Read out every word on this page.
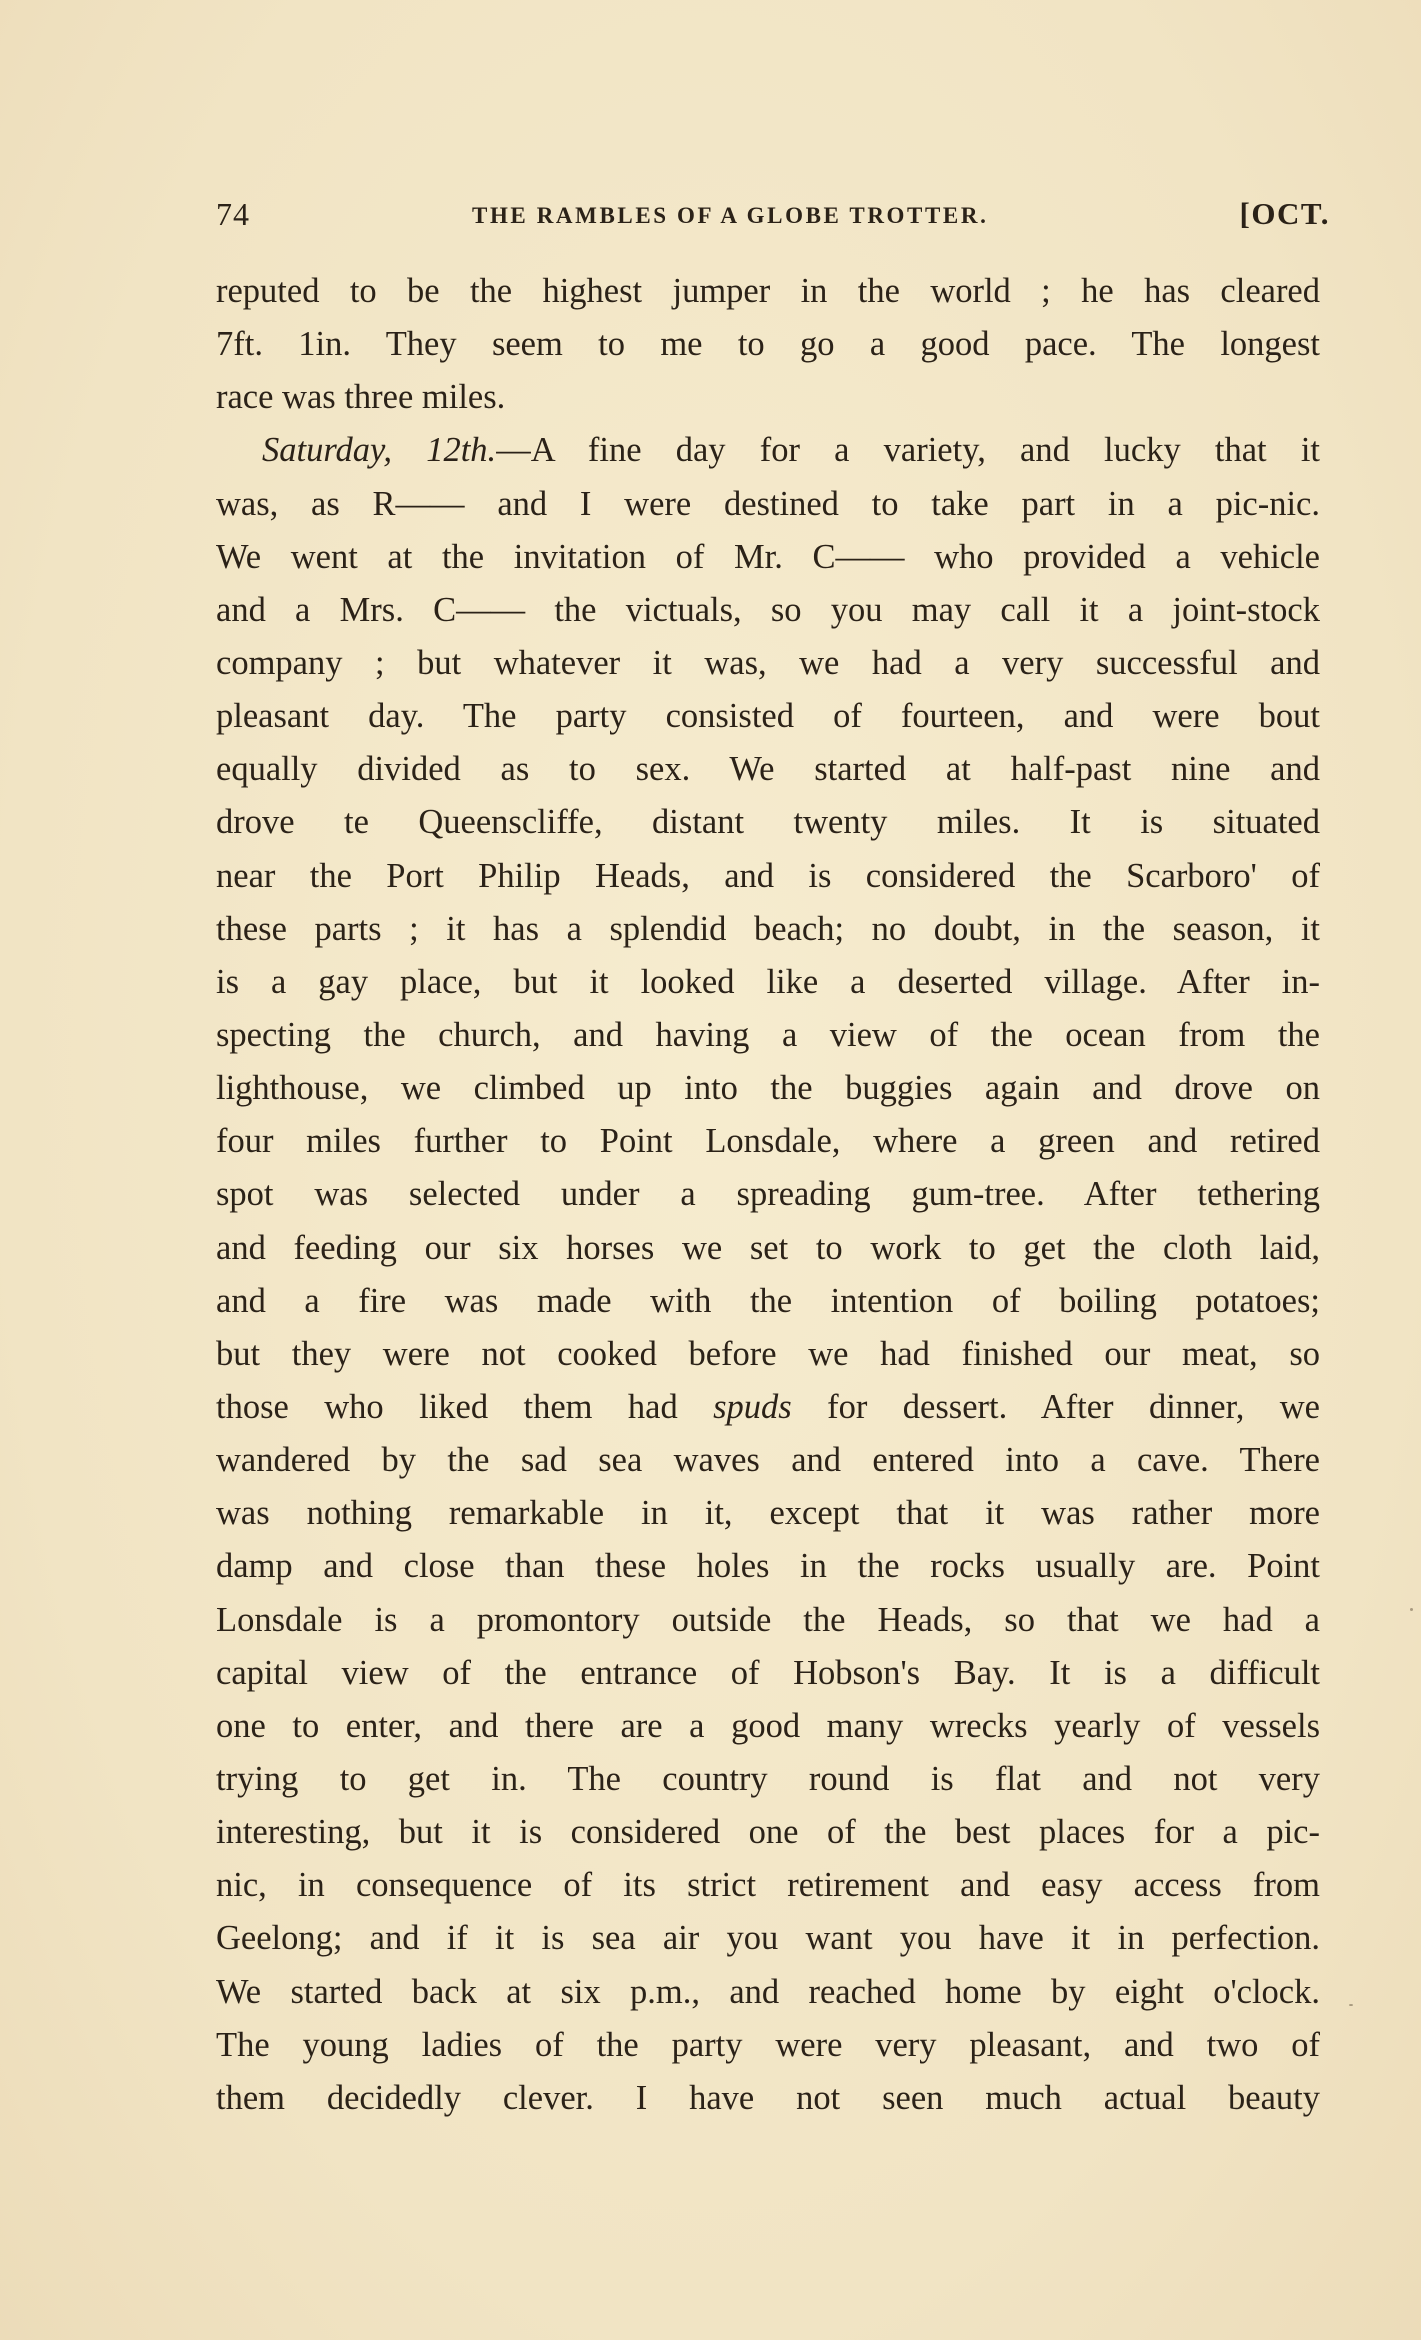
74	THE RAMBLES OF A GLOBE TROTTER.	[OCT.
reputed to be the highest jumper in the world ; he has cleared
7ft. 1in. They seem to me to go a good pace. The longest
race was three miles.
Saturday, 12th.—A fine day for a variety, and lucky that it
was, as R—— and I were destined to take part in a pic-nic.
We went at the invitation of Mr. C—— who provided a vehicle
and a Mrs. C—— the victuals, so you may call it a joint-stock
company ; but whatever it was, we had a very successful and
pleasant day. The party consisted of fourteen, and were bout
equally divided as to sex. We started at half-past nine and
drove te Queenscliffe, distant twenty miles. It is situated
near the Port Philip Heads, and is considered the Scarboro' of
these parts ; it has a splendid beach; no doubt, in the season, it
is a gay place, but it looked like a deserted village. After in-
specting the church, and having a view of the ocean from the
lighthouse, we climbed up into the buggies again and drove on
four miles further to Point Lonsdale, where a green and retired
spot was selected under a spreading gum-tree. After tethering
and feeding our six horses we set to work to get the cloth laid,
and a fire was made with the intention of boiling potatoes;
but they were not cooked before we had finished our meat, so
those who liked them had spuds for dessert. After dinner, we
wandered by the sad sea waves and entered into a cave. There
was nothing remarkable in it, except that it was rather more
damp and close than these holes in the rocks usually are. Point
Lonsdale is a promontory outside the Heads, so that we had a
capital view of the entrance of Hobson's Bay. It is a difficult
one to enter, and there are a good many wrecks yearly of vessels
trying to get in. The country round is flat and not very
interesting, but it is considered one of the best places for a pic-
nic, in consequence of its strict retirement and easy access from
Geelong; and if it is sea air you want you have it in perfection.
We started back at six p.m., and reached home by eight o'clock.
The young ladies of the party were very pleasant, and two of
them decidedly clever. I have not seen much actual beauty
